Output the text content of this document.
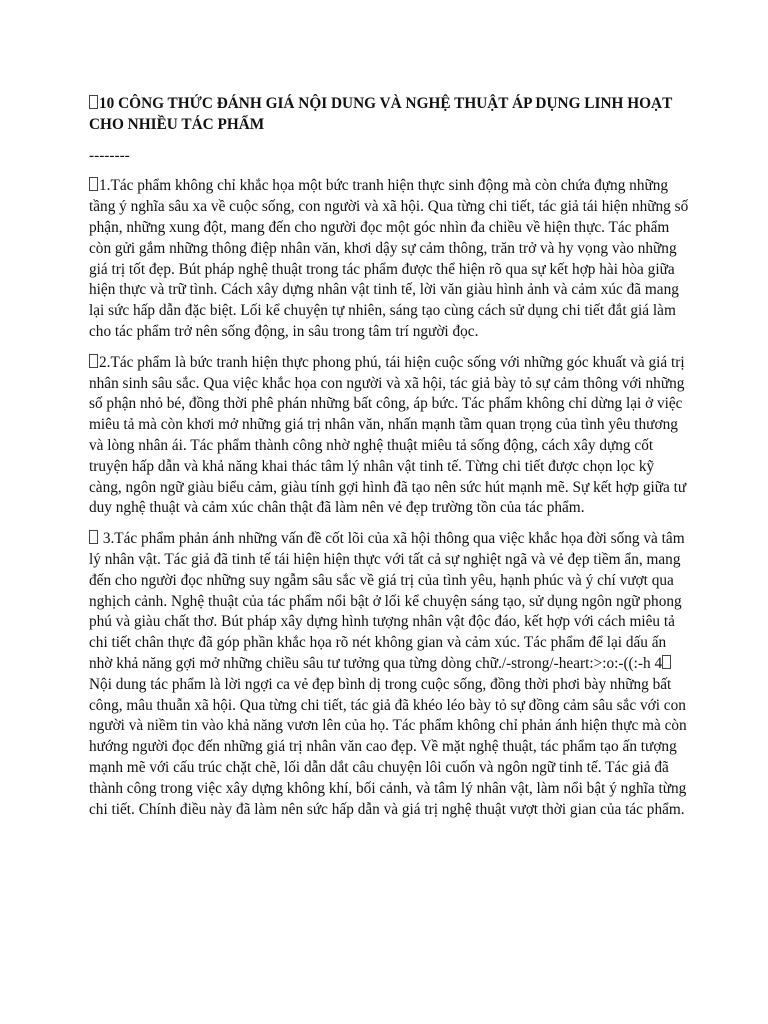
10 CÔNG THỨC ĐÁNH GIÁ NỘI DUNG VÀ NGHỆ THUẬT ÁP DỤNG LINH HOẠT CHO NHIỀU TÁC PHẨM
--------

1.Tác phẩm không chỉ khắc họa một bức tranh hiện thực sinh động mà còn chứa đựng những tầng ý nghĩa sâu xa về cuộc sống, con người và xã hội. Qua từng chi tiết, tác giả tái hiện những số phận, những xung đột, mang đến cho người đọc một góc nhìn đa chiều về hiện thực. Tác phẩm còn gửi gắm những thông điệp nhân văn, khơi dậy sự cảm thông, trăn trở và hy vọng vào những giá trị tốt đẹp. Bút pháp nghệ thuật trong tác phẩm được thể hiện rõ qua sự kết hợp hài hòa giữa hiện thực và trữ tình. Cách xây dựng nhân vật tinh tế, lời văn giàu hình ảnh và cảm xúc đã mang lại sức hấp dẫn đặc biệt. Lối kể chuyện tự nhiên, sáng tạo cùng cách sử dụng chi tiết đắt giá làm cho tác phẩm trở nên sống động, in sâu trong tâm trí người đọc.

2.Tác phẩm là bức tranh hiện thực phong phú, tái hiện cuộc sống với những góc khuất và giá trị nhân sinh sâu sắc. Qua việc khắc họa con người và xã hội, tác giả bày tỏ sự cảm thông với những số phận nhỏ bé, đồng thời phê phán những bất công, áp bức. Tác phẩm không chỉ dừng lại ở việc miêu tả mà còn khơi mở những giá trị nhân văn, nhấn mạnh tầm quan trọng của tình yêu thương và lòng nhân ái. Tác phẩm thành công nhờ nghệ thuật miêu tả sống động, cách xây dựng cốt truyện hấp dẫn và khả năng khai thác tâm lý nhân vật tinh tế. Từng chi tiết được chọn lọc kỹ càng, ngôn ngữ giàu biểu cảm, giàu tính gợi hình đã tạo nên sức hút mạnh mẽ. Sự kết hợp giữa tư duy nghệ thuật và cảm xúc chân thật đã làm nên vẻ đẹp trường tồn của tác phẩm.

3.Tác phẩm phản ánh những vấn đề cốt lõi của xã hội thông qua việc khắc họa đời sống và tâm lý nhân vật. Tác giả đã tinh tế tái hiện hiện thực với tất cả sự nghiệt ngã và vẻ đẹp tiềm ẩn, mang đến cho người đọc những suy ngẫm sâu sắc về giá trị của tình yêu, hạnh phúc và ý chí vượt qua nghịch cảnh. Nghệ thuật của tác phẩm nổi bật ở lối kể chuyện sáng tạo, sử dụng ngôn ngữ phong phú và giàu chất thơ. Bút pháp xây dựng hình tượng nhân vật độc đáo, kết hợp với cách miêu tả chi tiết chân thực đã góp phần khắc họa rõ nét không gian và cảm xúc. Tác phẩm để lại dấu ấn nhờ khả năng gợi mở những chiều sâu tư tưởng qua từng dòng chữ./-strong/-heart:>:o:-((:-h 4 Nội dung tác phẩm là lời ngợi ca vẻ đẹp bình dị trong cuộc sống, đồng thời phơi bày những bất công, mâu thuẫn xã hội. Qua từng chi tiết, tác giả đã khéo léo bày tỏ sự đồng cảm sâu sắc với con người và niềm tin vào khả năng vươn lên của họ. Tác phẩm không chỉ phản ánh hiện thực mà còn hướng người đọc đến những giá trị nhân văn cao đẹp. Về mặt nghệ thuật, tác phẩm tạo ấn tượng mạnh mẽ với cấu trúc chặt chẽ, lối dẫn dắt câu chuyện lôi cuốn và ngôn ngữ tinh tế. Tác giả đã thành công trong việc xây dựng không khí, bối cảnh, và tâm lý nhân vật, làm nổi bật ý nghĩa từng chi tiết. Chính điều này đã làm nên sức hấp dẫn và giá trị nghệ thuật vượt thời gian của tác phẩm.
